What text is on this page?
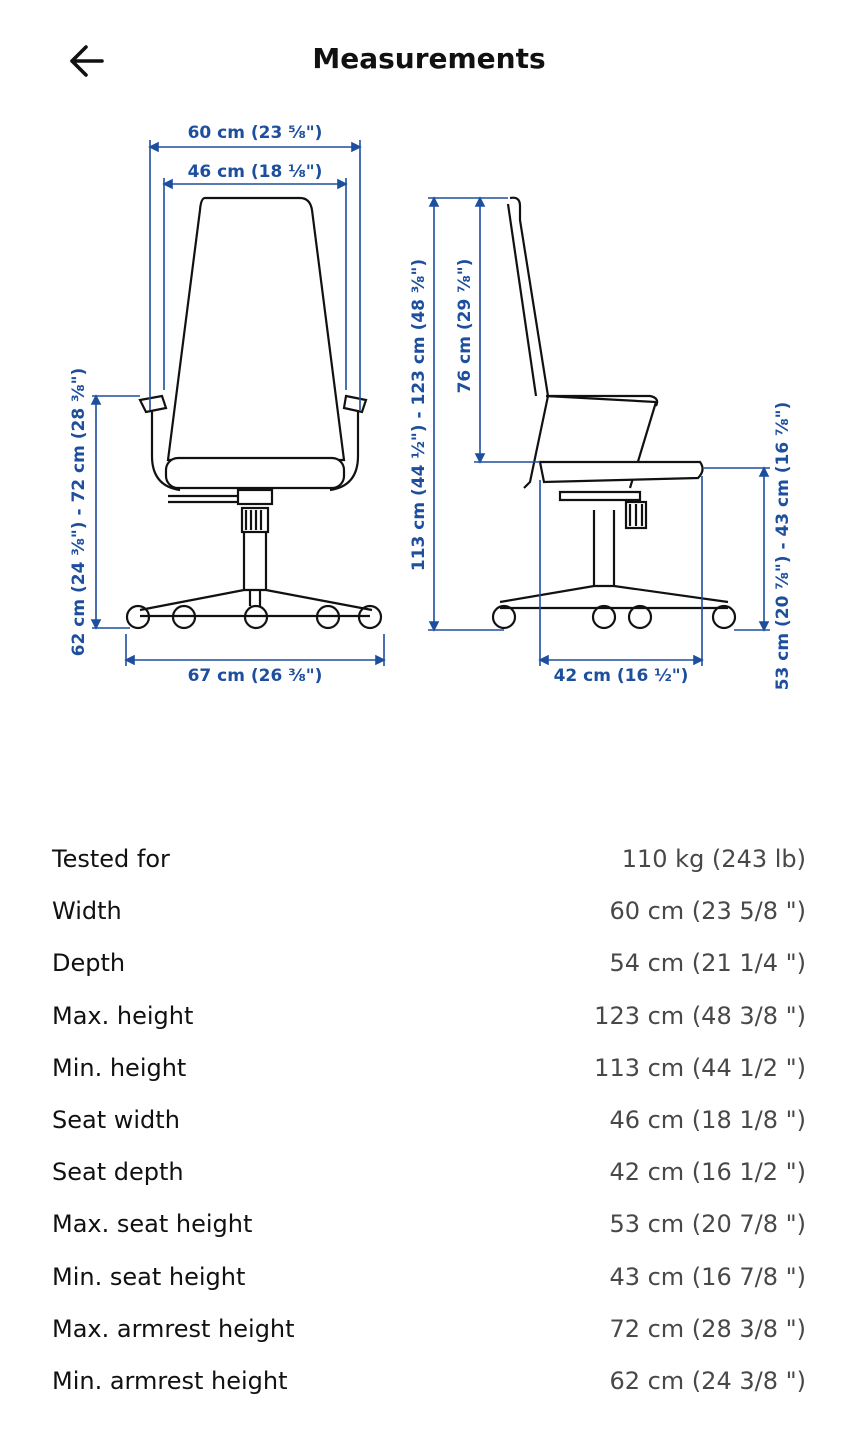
Measurements
60 cm (23 ⅝")
46 cm (18 ⅛")
62 cm (24 ⅜") - 72 cm (28 ⅜")
67 cm (26 ⅜")
113 cm (44 ½") - 123 cm (48 ⅜") 76 cm (29 ⅞")
53 cm (20 ⅞") - 43 cm (16 ⅞")
42 cm (16 ½")
Tested for	110 kg (243 lb)
Width	60 cm (23 5/8 ")
Depth	54 cm (21 1/4 ")
Max. height	123 cm (48 3/8 ")
Min. height	113 cm (44 1/2 ")
Seat width	46 cm (18 1/8 ")
Seat depth	42 cm (16 1/2 ")
Max. seat height	53 cm (20 7/8 ")
Min. seat height	43 cm (16 7/8 ")
Max. armrest height	72 cm (28 3/8 ")
Min. armrest height	62 cm (24 3/8 ")
